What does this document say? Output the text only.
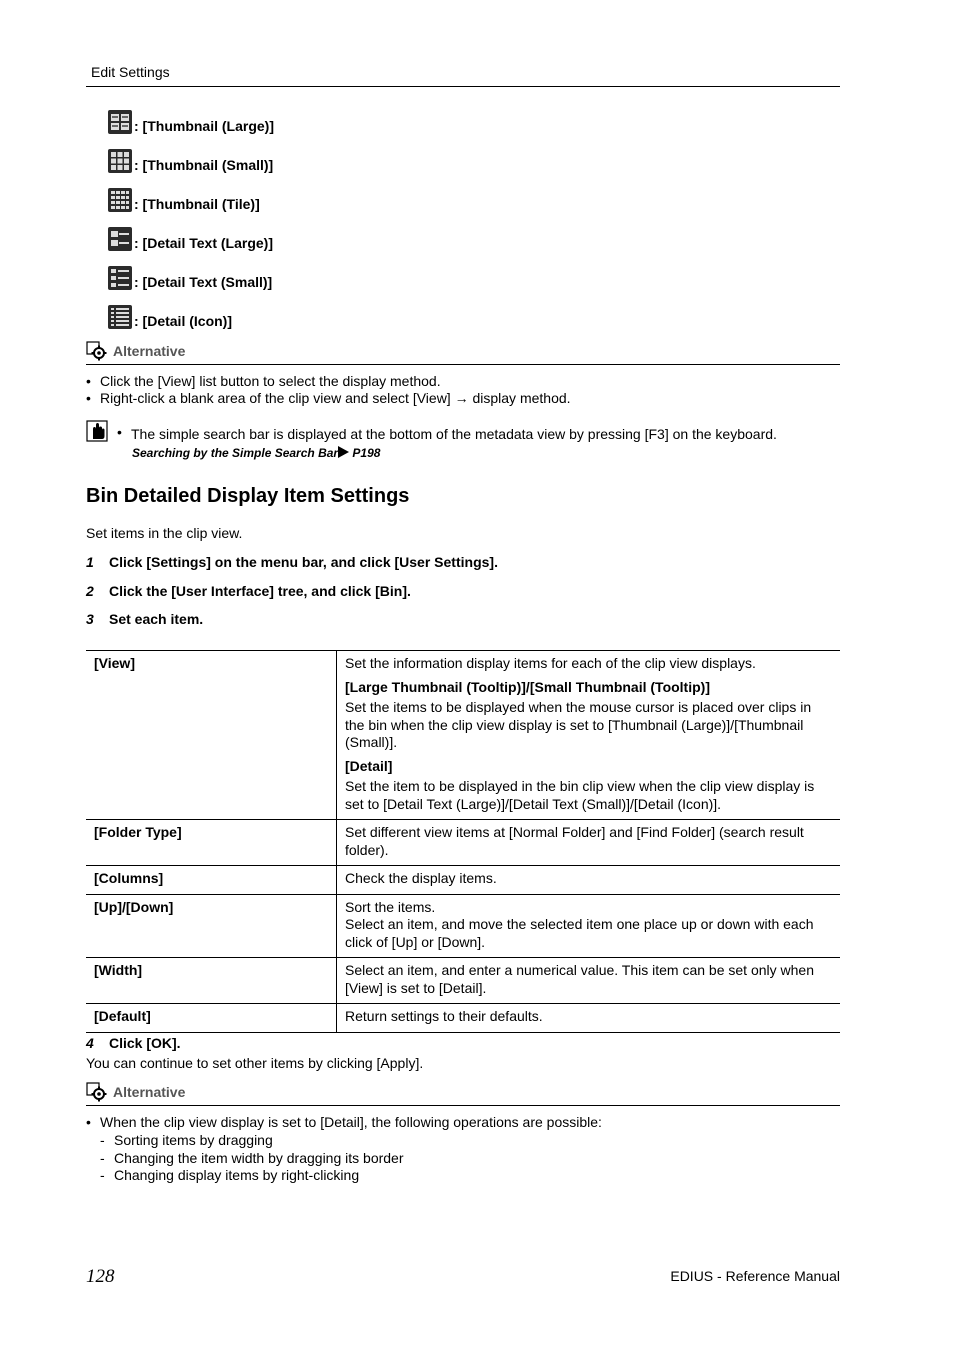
Edit Settings
: [Thumbnail (Large)]
: [Thumbnail (Small)]
: [Thumbnail (Tile)]
: [Detail Text (Large)]
: [Detail Text (Small)]
: [Detail (Icon)]
Alternative
• Click the [View] list button to select the display method.
• Right-click a blank area of the clip view and select [View] → display method.
• The simple search bar is displayed at the bottom of the metadata view by pressing [F3] on the keyboard.
Searching by the Simple Search Bar P198
Bin Detailed Display Item Settings
Set items in the clip view.
1 Click [Settings] on the menu bar, and click [User Settings].
2 Click the [User Interface] tree, and click [Bin].
3 Set each item.
[View]	Set the information display items for each of the clip view displays.

[Large Thumbnail (Tooltip)]/[Small Thumbnail (Tooltip)]

Set the items to be displayed when the mouse cursor is placed over clips in the bin when the clip view display is set to [Thumbnail (Large)]/[Thumbnail (Small)].

[Detail]

Set the item to be displayed in the bin clip view when the clip view display is set to [Detail Text (Large)]/[Detail Text (Small)]/[Detail (Icon)].

[Folder Type]	Set different view items at [Normal Folder] and [Find Folder] (search result folder).
[Columns]	Check the display items.
[Up]/[Down]	Sort the items.

Select an item, and move the selected item one place up or down with each click of [Up] or [Down].

[Width]	Select an item, and enter a numerical value. This item can be set only when [View] is set to [Detail].
[Default]	Return settings to their defaults.
4 Click [OK].
You can continue to set other items by clicking [Apply].
Alternative
• When the clip view display is set to [Detail], the following operations are possible:
- Sorting items by dragging
- Changing the item width by dragging its border
- Changing display items by right-clicking
128	EDIUS - Reference Manual
